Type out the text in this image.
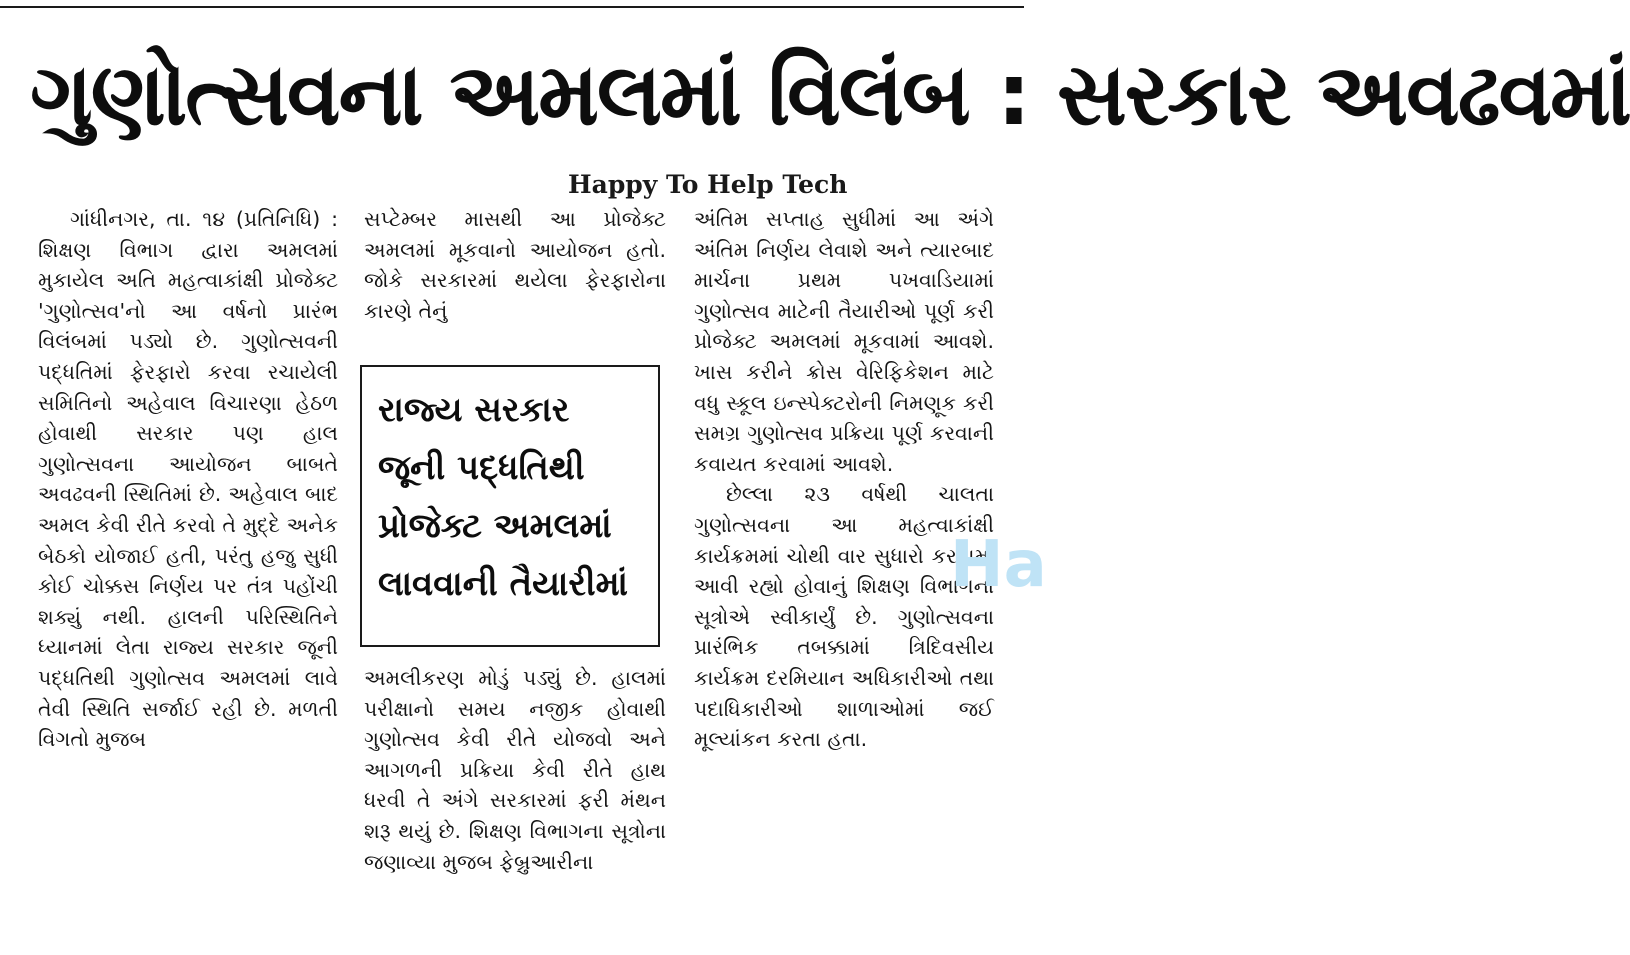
ગુણોત્સવના અમલમાં વિલંબ : સરકાર અવઢવમાં
Happy To Help Tech

ગાંધીનગર, તા. ૧૪ (પ્રતિનિધિ) : શિક્ષણ વિભાગ દ્વારા અમલમાં મુકાયેલ અતિ મહત્વાકાંક્ષી પ્રોજેક્ટ 'ગુણોત્સવ'નો આ વર્ષનો પ્રારંભ વિલંબમાં પડ્યો છે. ગુણોત્સવની પદ્ધતિમાં ફેરફારો કરવા રચાયેલી સમિતિનો અહેવાલ વિચારણા હેઠળ હોવાથી સરકાર પણ હાલ ગુણોત્સવના આયોજન બાબતે અવઢવની સ્થિતિમાં છે. અહેવાલ બાદ અમલ કેવી રીતે કરવો તે મુદ્દે અનેક બેઠકો યોજાઈ હતી, પરંતુ હજુ સુધી કોઈ ચોક્કસ નિર્ણય પર તંત્ર પહોંચી શક્યું નથી. હાલની પરિસ્થિતિને ધ્યાનમાં લેતા રાજ્ય સરકાર જૂની પદ્ધતિથી ગુણોત્સવ અમલમાં લાવે તેવી સ્થિતિ સર્જાઈ રહી છે. મળતી વિગતો મુજબ

સપ્ટેમ્બર માસથી આ પ્રોજેક્ટ અમલમાં મૂકવાનો આયોજન હતો. જોકે સરકારમાં થયેલા ફેરફારોના કારણે તેનું

રાજ્ય સરકાર જૂની પદ્ધતિથી પ્રોજેક્ટ અમલમાં લાવવાની તૈયારીમાં

અમલીકરણ મોડું પડ્યું છે. હાલમાં પરીક્ષાનો સમય નજીક હોવાથી ગુણોત્સવ કેવી રીતે યોજવો અને આગળની પ્રક્રિયા કેવી રીતે હાથ ધરવી તે અંગે સરકારમાં ફરી મંથન શરૂ થયું છે. શિક્ષણ વિભાગના સૂત્રોના જણાવ્યા મુજબ ફેબ્રુઆરીના

અંતિમ સપ્તાહ સુધીમાં આ અંગે અંતિમ નિર્ણય લેવાશે અને ત્યારબાદ માર્ચના પ્રથમ પખવાડિયામાં ગુણોત્સવ માટેની તૈયારીઓ પૂર્ણ કરી પ્રોજેક્ટ અમલમાં મૂકવામાં આવશે. ખાસ કરીને ક્રોસ વેરિફિકેશન માટે વધુ સ્કૂલ ઇન્સ્પેક્ટરોની નિમણૂક કરી સમગ્ર ગુણોત્સવ પ્રક્રિયા પૂર્ણ કરવાની કવાયત કરવામાં આવશે.

છેલ્લા ૨૩ વર્ષથી ચાલતા ગુણોત્સવના આ મહત્વાકાંક્ષી કાર્યક્રમમાં ચોથી વાર સુધારો કરવામાં આવી રહ્યો હોવાનું શિક્ષણ વિભાગના સૂત્રોએ સ્વીકાર્યું છે. ગુણોત્સવના પ્રારંભિક તબક્કામાં ત્રિદિવસીય કાર્યક્રમ દરમિયાન અધિકારીઓ તથા પદાધિકારીઓ શાળાઓમાં જઈ મૂલ્યાંકન કરતા હતા.

Ha
